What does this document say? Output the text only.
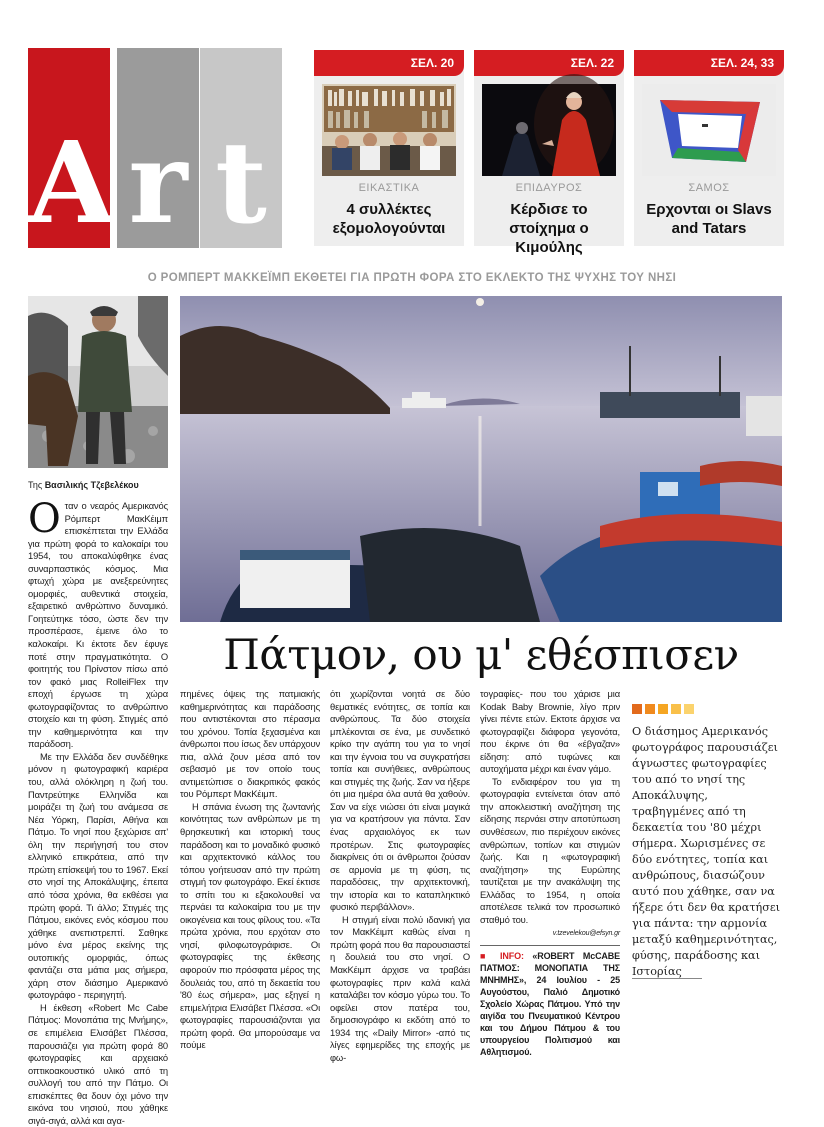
A r t
ΣΕΛ. 20
ΕΙΚΑΣΤΙΚΑ
4 συλλέκτες εξομολογούνται
ΣΕΛ. 22
ΕΠΙΔΑΥΡΟΣ
Κέρδισε το στοίχημα ο Κιμούλης
ΣΕΛ. 24, 33
ΣΑΜΟΣ
Ερχονται οι Slavs and Tatars
Ο ΡΟΜΠΕΡΤ ΜΑΚΚΕΪΜΠ ΕΚΘΕΤΕΙ ΓΙΑ ΠΡΩΤΗ ΦΟΡΑ ΣΤΟ ΕΚΛΕΚΤΟ ΤΗΣ ΨΥΧΗΣ ΤΟΥ ΝΗΣΙ
Της Βασιλικής Τζεβελέκου
Πάτμον, ου μ' εθέσπισεν

Οταν ο νεαρός Αμερικανός Ρόμπερτ ΜακΚέιμπ επισκέπτεται την Ελλάδα για πρώτη φορά το καλοκαίρι του 1954, του αποκαλύφθηκε ένας συναρπαστικός κόσμος. Μια φτωχή χώρα με ανεξερεύνητες ομορφιές, αυθεντικά στοιχεία, εξαιρετικό ανθρώπινο δυναμικό. Γοητεύτηκε τόσο, ώστε δεν την προσπέρασε, έμεινε όλο το καλοκαίρι. Κι έκτοτε δεν έφυγε ποτέ στην πραγματικότητα. Ο φοιτητής του Πρίνστον πίσω από τον φακό μιας RolleiFlex την εποχή έργωσε τη χώρα φωτογραφίζοντας το ανθρώπινο στοιχείο και τη φύση. Στιγμές από την καθημερινότητα και την παράδοση.

Με την Ελλάδα δεν συνδέθηκε μόνον η φωτογραφική καριέρα του, αλλά ολόκληρη η ζωή του. Παντρεύτηκε Ελληνίδα και μοιράζει τη ζωή του ανάμεσα σε Νέα Υόρκη, Παρίσι, Αθήνα και Πάτμο. Το νησί που ξεχώρισε απ' όλη την περιήγησή του στον ελληνικό επικράτεια, από την πρώτη επίσκεψή του το 1967. Εκεί στο νησί της Αποκάλυψης, έπειτα από τόσα χρόνια, θα εκθέσει για πρώτη φορά. Τι άλλο; Στιγμές της Πάτμου, εικόνες ενός κόσμου που χάθηκε ανεπιστρεπτί. Σαθηκε μόνο ένα μέρος εκείνης της ουτοπικής ομορφιάς, όπως φαντάζει στα μάτια μας σήμερα, χάρη στον διάσημο Αμερικανό φωτογράφο - περιηγητή.

Η έκθεση «Robert Mc Cabe Πάτμος: Μονοπάτια της Μνήμης», σε επιμέλεια Ελισάβετ Πλέσσα, παρουσιάζει για πρώτη φορά 80 φωτογραφίες και αρχειακό οπτικοακουστικό υλικό από τη συλλογή του από την Πάτμο. Οι επισκέπτες θα δουν όχι μόνο την εικόνα του νησιού, που χάθηκε σιγά-σιγά, αλλά και αγα-

πημένες όψεις της πατμιακής καθημερινότητας και παράδοσης που αντιστέκονται στο πέρασμα του χρόνου. Τοπία ξεχασμένα και άνθρωποι που ίσως δεν υπάρχουν πια, αλλά ζουν μέσα από τον σεβασμό με τον οποίο τους αντιμετώπισε ο διακριτικός φακός του Ρόμπερτ ΜακΚέιμπ.

Η σπάνια ένωση της ζωντανής κοινότητας των ανθρώπων με τη θρησκευτική και ιστορική τους παράδοση και το μοναδικό φυσικό και αρχιτεκτονικό κάλλος του τόπου γοήτευσαν από την πρώτη στιγμή τον φωτογράφο. Εκεί έκτισε το σπίτι του κι εξακολουθεί να περνάει τα καλοκαίρια του με την οικογένεια και τους φίλους του. «Τα πρώτα χρόνια, που ερχόταν στο νησί, φιλοφωτογράφισε. Οι φωτογραφίες της έκθεσης αφορούν πιο πρόσφατα μέρος της δουλειάς του, από τη δεκαετία του '80 έως σήμερα», μας εξηγεί η επιμελήτρια Ελισάβετ Πλέσσα. «Οι φωτογραφίες παρουσιάζονται για πρώτη φορά. Θα μπορούσαμε να πούμε

ότι χωρίζονται νοητά σε δύο θεματικές ενότητες, σε τοπία και ανθρώπους. Τα δύο στοιχεία μπλέκονται σε ένα, με συνδετικό κρίκο την αγάπη του για το νησί και την έγνοια του να συγκρατήσει τοπία και συνήθειες, ανθρώπους και στιγμές της ζωής. Σαν να ήξερε ότι μια ημέρα όλα αυτά θα χαθούν. Σαν να είχε νιώσει ότι είναι μαγικά για να κρατήσουν για πάντα. Σαν ένας αρχαιολόγος εκ των προτέρων. Στις φωτογραφίες διακρίνεις ότι οι άνθρωποι ζούσαν σε αρμονία με τη φύση, τις παραδόσεις, την αρχιτεκτονική, την ιστορία και το καταπληκτικό φυσικό περιβάλλον».

Η στιγμή είναι πολύ ιδανική για τον ΜακΚέιμπ καθώς είναι η πρώτη φορά που θα παρουσιαστεί η δουλειά του στο νησί. Ο ΜακΚέιμπ άρχισε να τραβάει φωτογραφίες πριν καλά καλά καταλάβει τον κόσμο γύρω του. Το οφείλει στον πατέρα του, δημοσιογράφο κι εκδότη από το 1934 της «Daily Mirror» -από τις λίγες εφημερίδες της εποχής με φω-

τογραφίες- που του χάρισε μια Kodak Baby Brownie, λίγο πριν γίνει πέντε ετών. Εκτοτε άρχισε να φωτογραφίζει διάφορα γεγονότα, που έκρινε ότι θα «έβγαζαν» είδηση: από τυφώνες και αυτοχήματα μέχρι και έναν γάμο.

Το ενδιαφέρον του για τη φωτογραφία εντείνεται όταν από την αποκλειστική αναζήτηση της είδησης περνάει στην αποτύπωση συνθέσεων, πιο περιέχουν εικόνες ανθρώπων, τοπίων και στιγμών ζωής. Και η «φωτογραφική αναζήτηση» της Ευρώπης ταυτίζεται με την ανακάλυψη της Ελλάδας το 1954, η οποία αποτέλεσε τελικά τον προσωπικό σταθμό του.

v.tzevelekou@efsyn.gr
■ INFO: «ROBERT McCABE ΠΑΤΜΟΣ: ΜΟΝΟΠΑΤΙΑ ΤΗΣ ΜΝΗΜΗΣ», 24 Ιουλίου - 25 Αυγούστου, Παλιό Δημοτικό Σχολείο Χώρας Πάτμου. Υπό την αιγίδα του Πνευματικού Κέντρου και του Δήμου Πάτμου & του υπουργείου Πολιτισμού και Αθλητισμού.
Ο διάσημος Αμερικανός φωτογράφος παρουσιάζει άγνωστες φωτογραφίες του από το νησί της Αποκάλυψης, τραβηγμένες από τη δεκαετία του '80 μέχρι σήμερα. Χωρισμένες σε δύο ενότητες, τοπία και ανθρώπους, διασώζουν αυτό που χάθηκε, σαν να ήξερε ότι δεν θα κρατήσει για πάντα: την αρμονία μεταξύ καθημερινότητας, φύσης, παράδοσης και Ιστορίας
